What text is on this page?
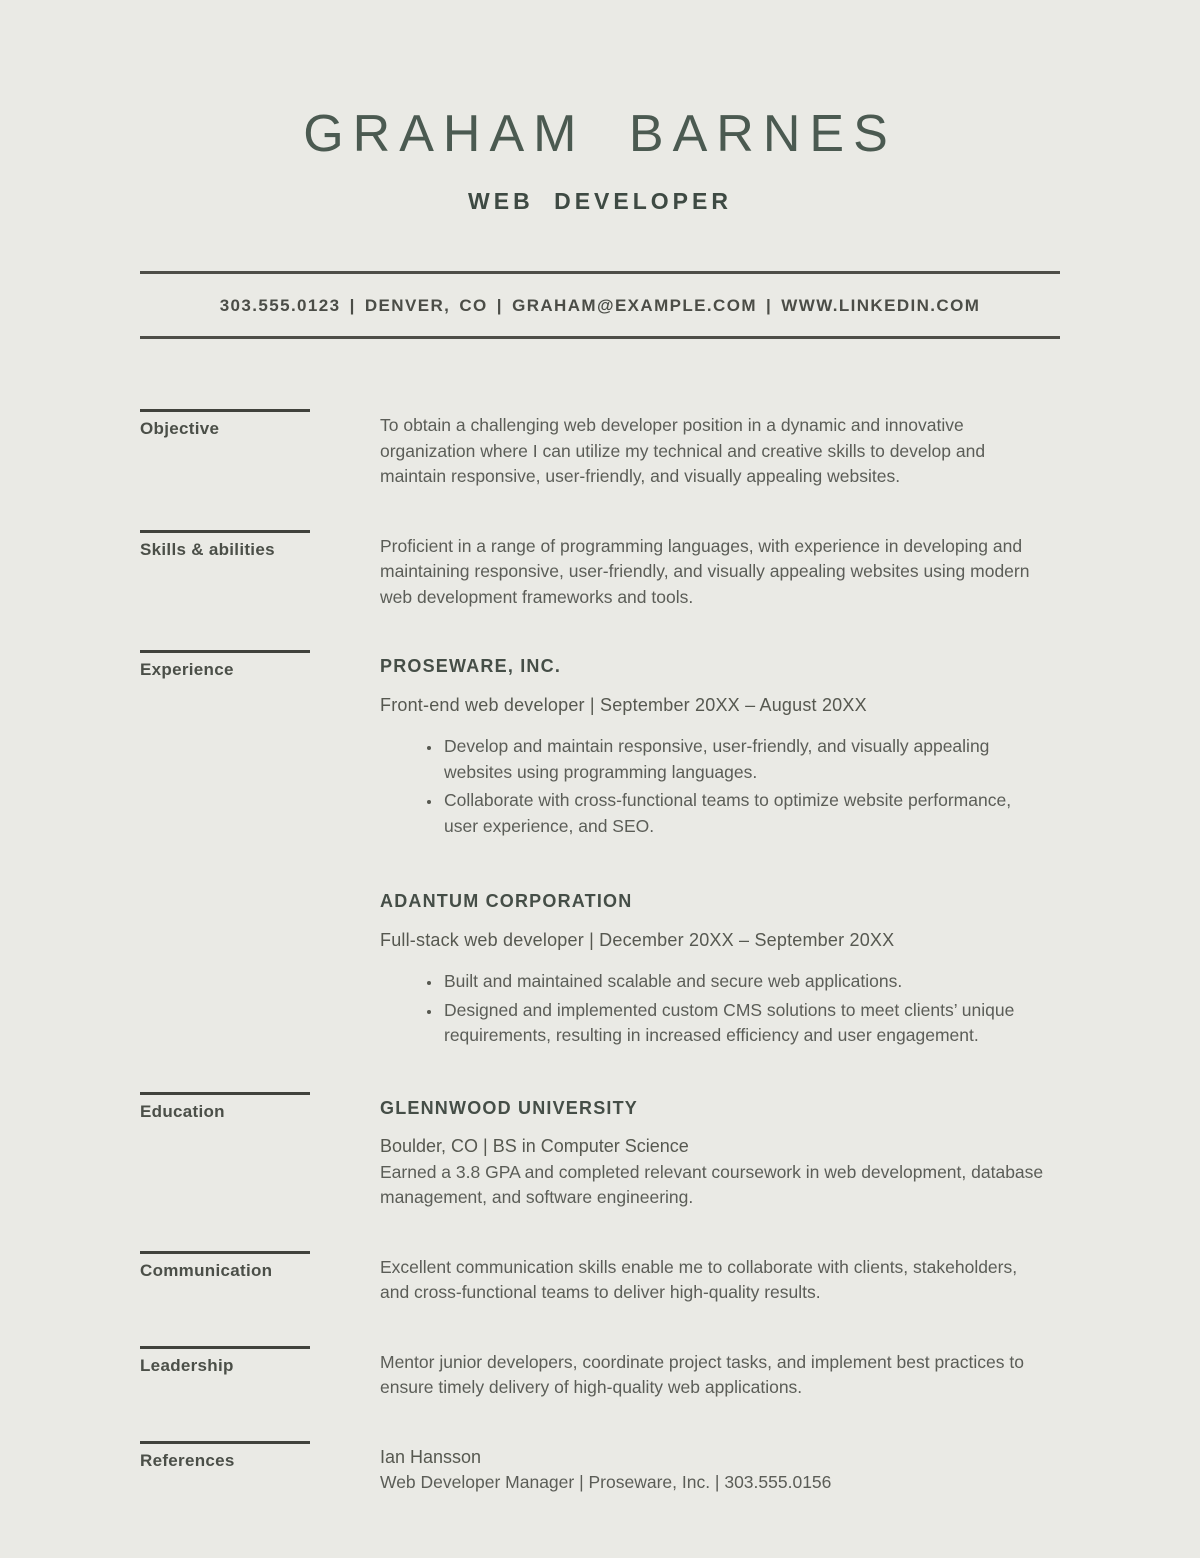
GRAHAM BARNES
WEB DEVELOPER
303.555.0123 | DENVER, CO | GRAHAM@EXAMPLE.COM | WWW.LINKEDIN.COM
Objective	To obtain a challenging web developer position in a dynamic and innovative organization where I can utilize my technical and creative skills to develop and maintain responsive, user-friendly, and visually appealing websites.

Skills & abilities	Proficient in a range of programming languages, with experience in developing and maintaining responsive, user-friendly, and visually appealing websites using modern web development frameworks and tools.

Experience	PROSEWARE, INC.
Front-end web developer | September 20XX – August 20XX
• Develop and maintain responsive, user-friendly, and visually appealing websites using programming languages.
• Collaborate with cross-functional teams to optimize website performance, user experience, and SEO.
ADANTUM CORPORATION
Full-stack web developer | December 20XX – September 20XX
• Built and maintained scalable and secure web applications.
• Designed and implemented custom CMS solutions to meet clients’ unique requirements, resulting in increased efficiency and user engagement.
Education	GLENNWOOD UNIVERSITY
Boulder, CO | BS in Computer Science

Earned a 3.8 GPA and completed relevant coursework in web development, database management, and software engineering.

Communication	Excellent communication skills enable me to collaborate with clients, stakeholders, and cross-functional teams to deliver high-quality results.

Leadership	Mentor junior developers, coordinate project tasks, and implement best practices to ensure timely delivery of high-quality web applications.

References	Ian Hansson

Web Developer Manager | Proseware, Inc. | 303.555.0156
